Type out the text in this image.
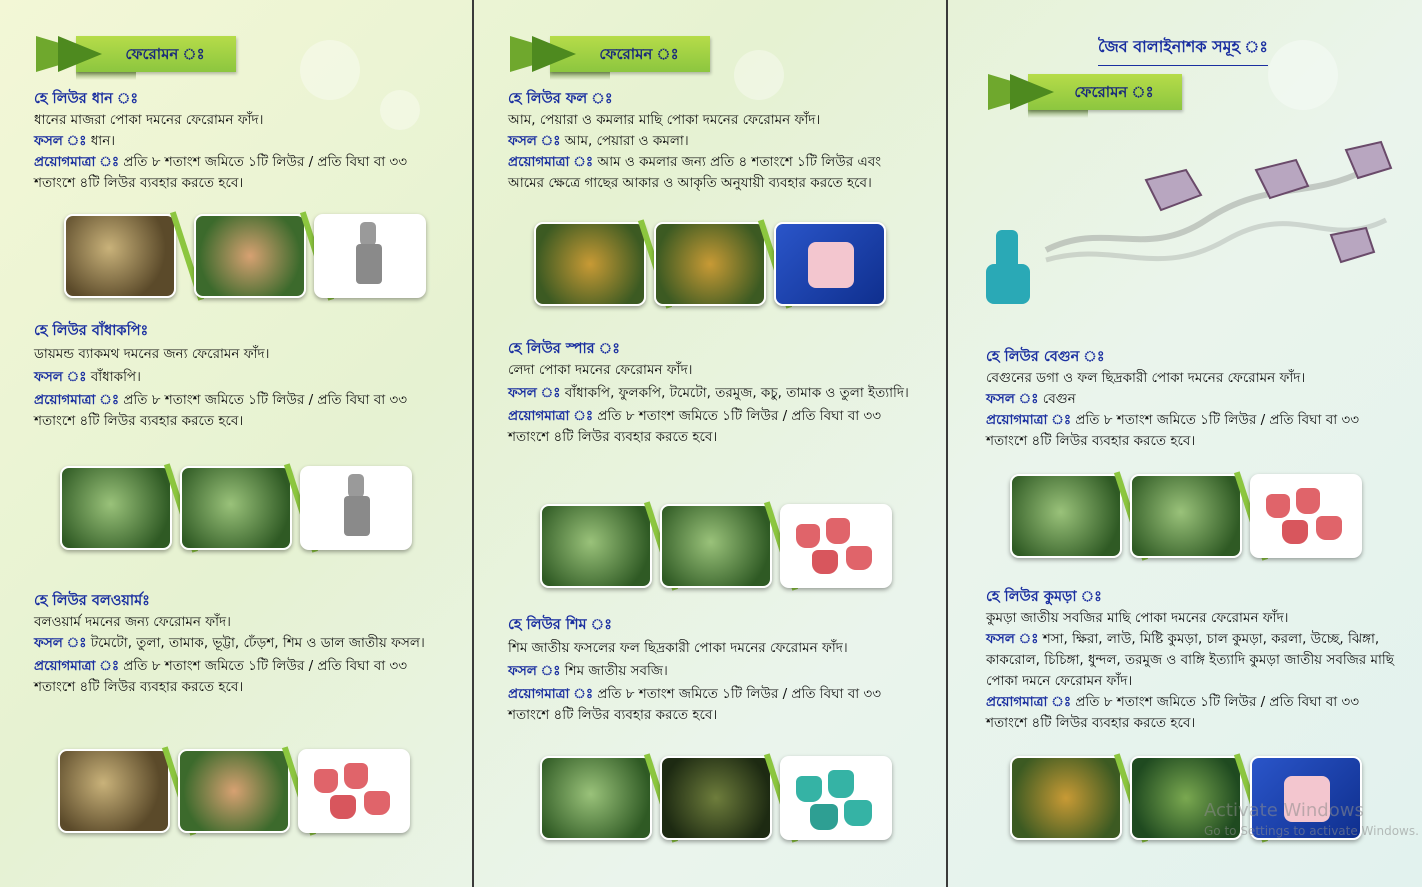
ফেরোমন ঃ
হে লিউর ধান ঃ
ধানের মাজরা পোকা দমনের ফেরোমন ফাঁদ।
ফসল ঃ ধান।
প্রয়োগমাত্রা ঃ প্রতি ৮ শতাংশ জমিতে ১টি লিউর / প্রতি বিঘা বা ৩৩ শতাংশে ৪টি লিউর ব্যবহার করতে হবে।
হে লিউর বাঁধাকপিঃ
ডায়মন্ড ব্যাকমথ দমনের জন্য ফেরোমন ফাঁদ।
ফসল ঃ বাঁধাকপি।
প্রয়োগমাত্রা ঃ প্রতি ৮ শতাংশ জমিতে ১টি লিউর / প্রতি বিঘা বা ৩৩ শতাংশে ৪টি লিউর ব্যবহার করতে হবে।
হে লিউর বলওয়ার্মঃ
বলওয়ার্ম দমনের জন্য ফেরোমন ফাঁদ।
ফসল ঃ টমেটো, তুলা, তামাক, ভূট্টা, ঢেঁড়শ, শিম ও ডাল জাতীয় ফসল।
প্রয়োগমাত্রা ঃ প্রতি ৮ শতাংশ জমিতে ১টি লিউর / প্রতি বিঘা বা ৩৩ শতাংশে ৪টি লিউর ব্যবহার করতে হবে।
ফেরোমন ঃ
হে লিউর ফল ঃ
আম, পেয়ারা ও কমলার মাছি পোকা দমনের ফেরোমন ফাঁদ।
ফসল ঃ আম, পেয়ারা ও কমলা।
প্রয়োগমাত্রা ঃ আম ও কমলার জন্য প্রতি ৪ শতাংশে ১টি লিউর এবং আমের ক্ষেত্রে গাছের আকার ও আকৃতি অনুযায়ী ব্যবহার করতে হবে।
হে লিউর স্পার ঃ
লেদা পোকা দমনের ফেরোমন ফাঁদ।
ফসল ঃ বাঁধাকপি, ফুলকপি, টমেটো, তরমুজ, কচু, তামাক ও তুলা ইত্যাদি।
প্রয়োগমাত্রা ঃ প্রতি ৮ শতাংশ জমিতে ১টি লিউর / প্রতি বিঘা বা ৩৩ শতাংশে ৪টি লিউর ব্যবহার করতে হবে।
হে লিউর শিম ঃ
শিম জাতীয় ফসলের ফল ছিদ্রকারী পোকা দমনের ফেরোমন ফাঁদ।
ফসল ঃ শিম জাতীয় সবজি।
প্রয়োগমাত্রা ঃ প্রতি ৮ শতাংশ জমিতে ১টি লিউর / প্রতি বিঘা বা ৩৩ শতাংশে ৪টি লিউর ব্যবহার করতে হবে।
ফেরোমন ঃ
হে লিউর বেগুন ঃ
বেগুনের ডগা ও ফল ছিদ্রকারী পোকা দমনের ফেরোমন ফাঁদ।
ফসল ঃ বেগুন
প্রয়োগমাত্রা ঃ প্রতি ৮ শতাংশ জমিতে ১টি লিউর / প্রতি বিঘা বা ৩৩ শতাংশে ৪টি লিউর ব্যবহার করতে হবে।
হে লিউর কুমড়া ঃ
কুমড়া জাতীয় সবজির মাছি পোকা দমনের ফেরোমন ফাঁদ।
ফসল ঃ শসা, ক্ষিরা, লাউ, মিষ্টি কুমড়া, চাল কুমড়া, করলা, উচ্ছে, ঝিঙ্গা, কাকরোল, চিচিঙ্গা, ধুন্দল, তরমুজ ও বাঙ্গি ইত্যাদি কুমড়া জাতীয় সবজির মাছি পোকা দমনে ফেরোমন ফাঁদ।
প্রয়োগমাত্রা ঃ প্রতি ৮ শতাংশ জমিতে ১টি লিউর / প্রতি বিঘা বা ৩৩ শতাংশে ৪টি লিউর ব্যবহার করতে হবে।
জৈব বালাইনাশক সমূহ ঃ
Activate Windows
Go to Settings to activate Windows.
